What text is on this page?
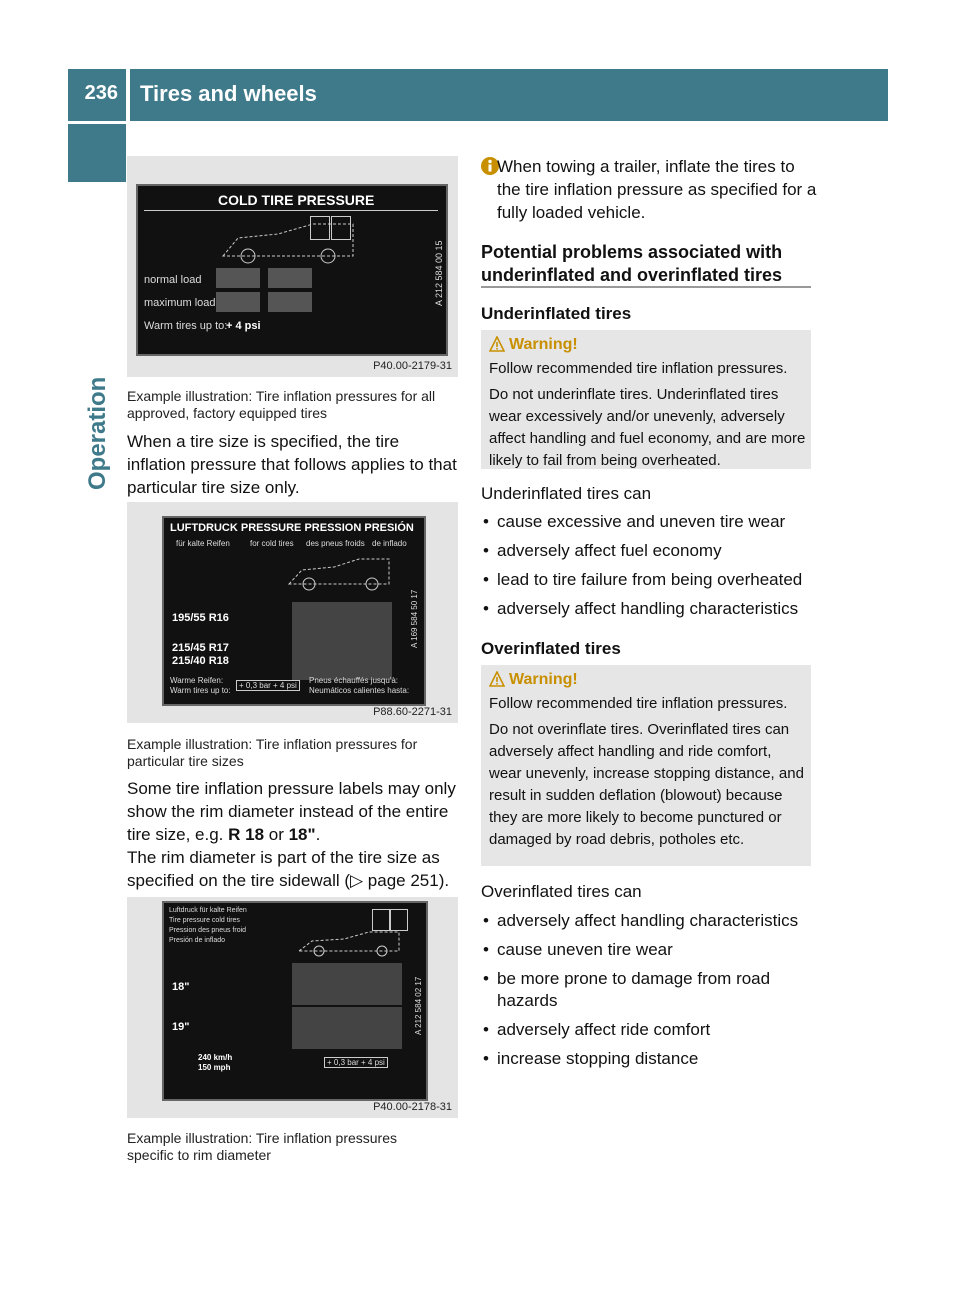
236 Tires and wheels
Operation
COLD TIRE PRESSURE
normal load
maximum load
Warm tires up to:
+ 4 psi
A 212 584 00 15
P40.00-2179-31
Example illustration: Tire inflation pressures for all approved, factory equipped tires
When a tire size is specified, the tire inflation pressure that follows applies to that particular tire size only.
LUFTDRUCK PRESSURE PRESSION PRESIÓN
für kalte Reifen	for cold tires des pneus froids de inflado
195/55 R16
215/45 R17
215/40 R18
Warme Reifen:
Warm tires up to:
+ 0,3 bar + 4 psi
Pneus échauffés jusqu'à:
Neumáticos calientes hasta:
A 169 584 50 17
P88.60-2271-31
Example illustration: Tire inflation pressures for particular tire sizes
Some tire inflation pressure labels may only show the rim diameter instead of the entire tire size, e.g. R 18 or 18".
The rim diameter is part of the tire size as specified on the tire sidewall (▷ page 251).
Luftdruck für kalte Reifen
Tire pressure cold tires
Pression des pneus froid
Presión de inflado
18"
19"
240 km/h
150 mph
+ 0,3 bar + 4 psi
A 212 584 02 17
P40.00-2178-31
Example illustration: Tire inflation pressures specific to rim diameter
When towing a trailer, inflate the tires to the tire inflation pressure as specified for a fully loaded vehicle.
Potential problems associated with underinflated and overinflated tires
Underinflated tires
Warning!
Follow recommended tire inflation pressures.
Do not underinflate tires. Underinflated tires wear excessively and/or unevenly, adversely affect handling and fuel economy, and are more likely to fail from being overheated.
Underinflated tires can
• cause excessive and uneven tire wear
• adversely affect fuel economy
• lead to tire failure from being overheated
• adversely affect handling characteristics
Overinflated tires
Warning!
Follow recommended tire inflation pressures.
Do not overinflate tires. Overinflated tires can adversely affect handling and ride comfort, wear unevenly, increase stopping distance, and result in sudden deflation (blowout) because they are more likely to become punctured or damaged by road debris, potholes etc.
Overinflated tires can
• adversely affect handling characteristics
• cause uneven tire wear
• be more prone to damage from road hazards
• adversely affect ride comfort
• increase stopping distance
